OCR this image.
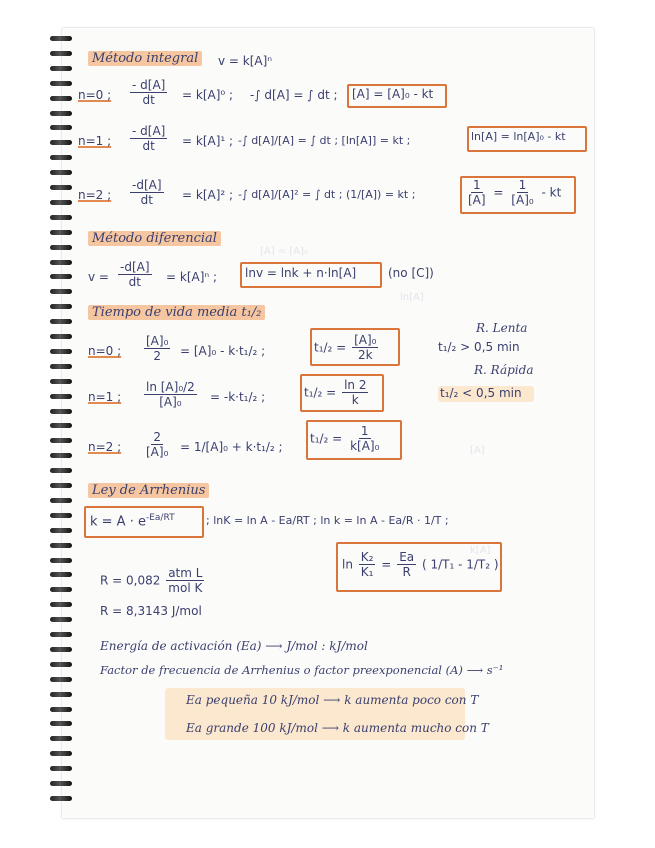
[A] = [A]₀
ln[A]
[A]
k[A]
Método integral	v = k[A]ⁿ
n=0 ; $\frac{- d[A]}{dt} = k[A]^0$ ; -∫ d[A] = ∫ dt ; [A] = [A]₀ - kt
n=1 ; $\frac{- d[A]}{dt} = k[A]^1$ ; -∫ d[A]/[A] = ∫ dt ; [ln[A]] = kt ;	ln[A] = ln[A]₀ - kt
n=2 ; $\frac{-d[A]}{dt} = k[A]^2$ ; -∫ d[A]/[A]² = ∫ dt ; (1/[A]) = kt ;	$\frac{1}{[A]} = \frac{1}{\text{[A]₀}}$ - kt
Método diferencial
$v = \frac{-d[A]}{dt} = k[A]^n$ ; lnv = lnk + n·ln[A]	(no [C])
Tiempo de vida media t₁/₂
n=0 ; $\frac{\text{[A]₀}}{2} = [A]_0 - k\cdot t_1/_2$ ;	$t_1/_2 = \frac{\text{[A]₀}}{2k}$
n=1 ; $\frac{\text{ln [A]₀/2}}{\text{[A]₀}} = -k\cdot t_1/_2$ ;	$t_1/_2 = \frac{\ln 2}{k}$
n=2 ; $\frac{2}{\text{[A]₀}} = 1/[A]_0 + k\cdot t_1/_2$ ;
$t_1/_2 = \frac{1}{\text{k[A]₀}}$
R. Lenta
t₁/₂ > 0,5 min
R. Rápida
t₁/₂ < 0,5 min
Ley de Arrhenius
$k = A \cdot e^{-Ea/RT}$	; lnK = ln A - Ea/RT ; ln k = ln A - Ea/R · 1/T ;
$R = 0,082 \frac{\text{atm L}}{\text{mol K}}$
R = 8,3143 J/mol
$\ln \frac{\text{K₂}}{\text{K₁}} = \frac{Ea}{R}$ ( 1/T₁ - 1/T₂ )
Energía de activación (Ea) ⟶ J/mol : kJ/mol
Factor de frecuencia de Arrhenius o factor preexponencial (A) ⟶ s⁻¹
Ea pequeña 10 kJ/mol ⟶ k aumenta poco con T
Ea grande 100 kJ/mol ⟶ k aumenta mucho con T
